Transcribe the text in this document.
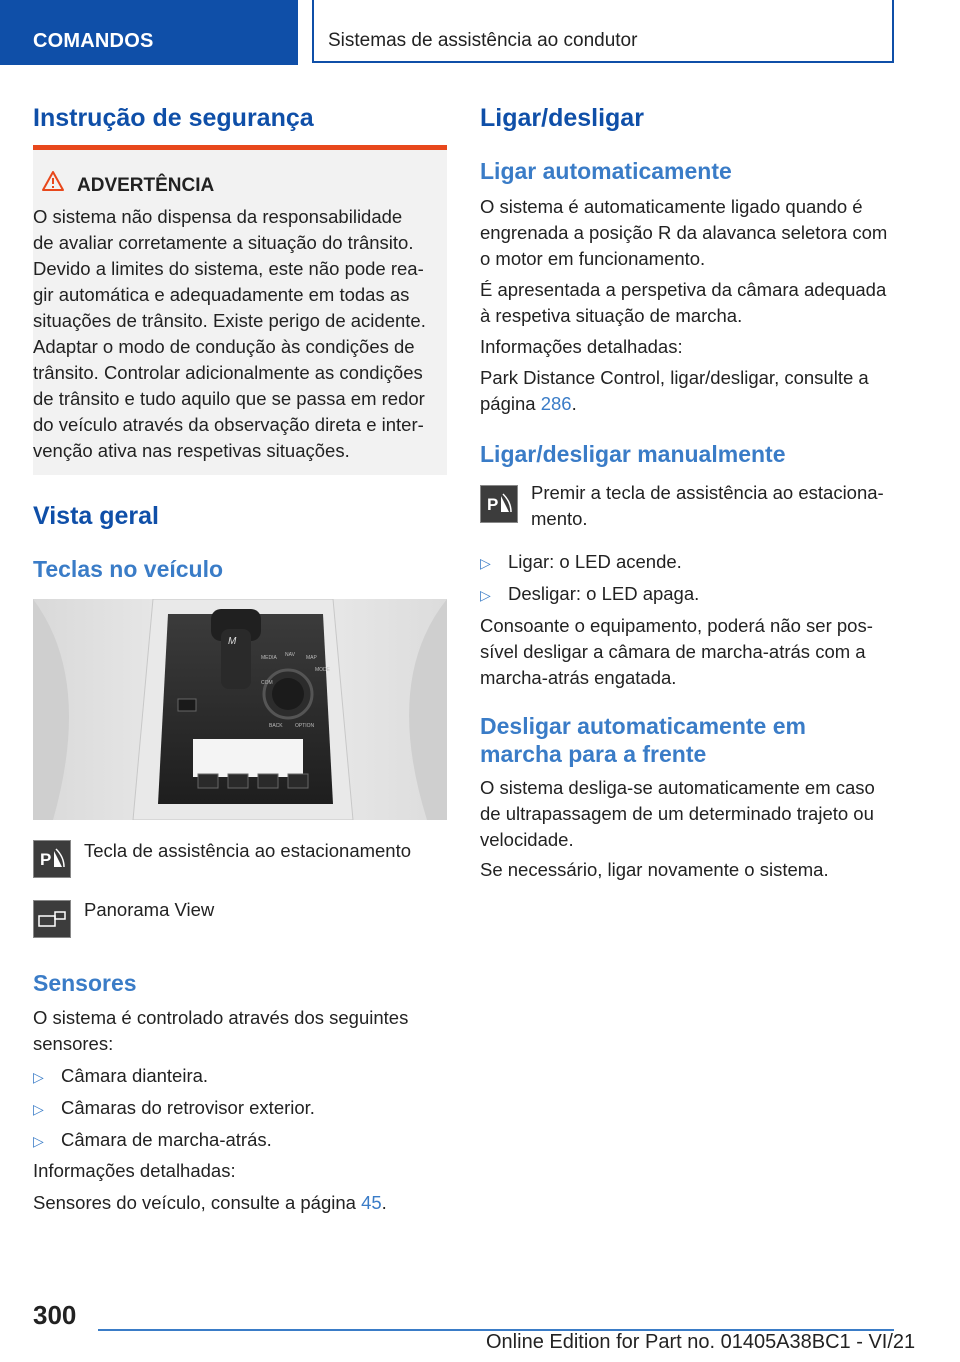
COMANDOS	Sistemas de assistência ao condutor
Instrução de segurança
ADVERTÊNCIA
O sistema não dispensa da responsabilidade
de avaliar corretamente a situação do trânsito.
Devido a limites do sistema, este não pode rea-
gir automática e adequadamente em todas as
situações de trânsito. Existe perigo de acidente.
Adaptar o modo de condução às condições de
trânsito. Controlar adicionalmente as condições
de trânsito e tudo aquilo que se passa em redor
do veículo através da observação direta e inter-
venção ativa nas respetivas situações.
Vista geral
Teclas no veículo
M
MEDIA NAV MAP
COM
BACK OPTION
MODE
P Tecla de assistência ao estacionamento
Panorama View
Sensores
O sistema é controlado através dos seguintes
sensores:
▷ Câmara dianteira.
▷ Câmaras do retrovisor exterior.
▷ Câmara de marcha-atrás.
Informações detalhadas:
Sensores do veículo, consulte a página 45.
Ligar/desligar
Ligar automaticamente
O sistema é automaticamente ligado quando é
engrenada a posição R da alavanca seletora com
o motor em funcionamento.
É apresentada a perspetiva da câmara adequada
à respetiva situação de marcha.
Informações detalhadas:
Park Distance Control, ligar/desligar, consulte a
página 286.
Ligar/desligar manualmente
P
Premir a tecla de assistência ao estaciona-
mento.
▷ Ligar: o LED acende.
▷ Desligar: o LED apaga.
Consoante o equipamento, poderá não ser pos-
sível desligar a câmara de marcha-atrás com a
marcha-atrás engatada.
Desligar automaticamente em
marcha para a frente
O sistema desliga-se automaticamente em caso
de ultrapassagem de um determinado trajeto ou
velocidade.
Se necessário, ligar novamente o sistema.
300
Online Edition for Part no. 01405A38BC1 - VI/21
